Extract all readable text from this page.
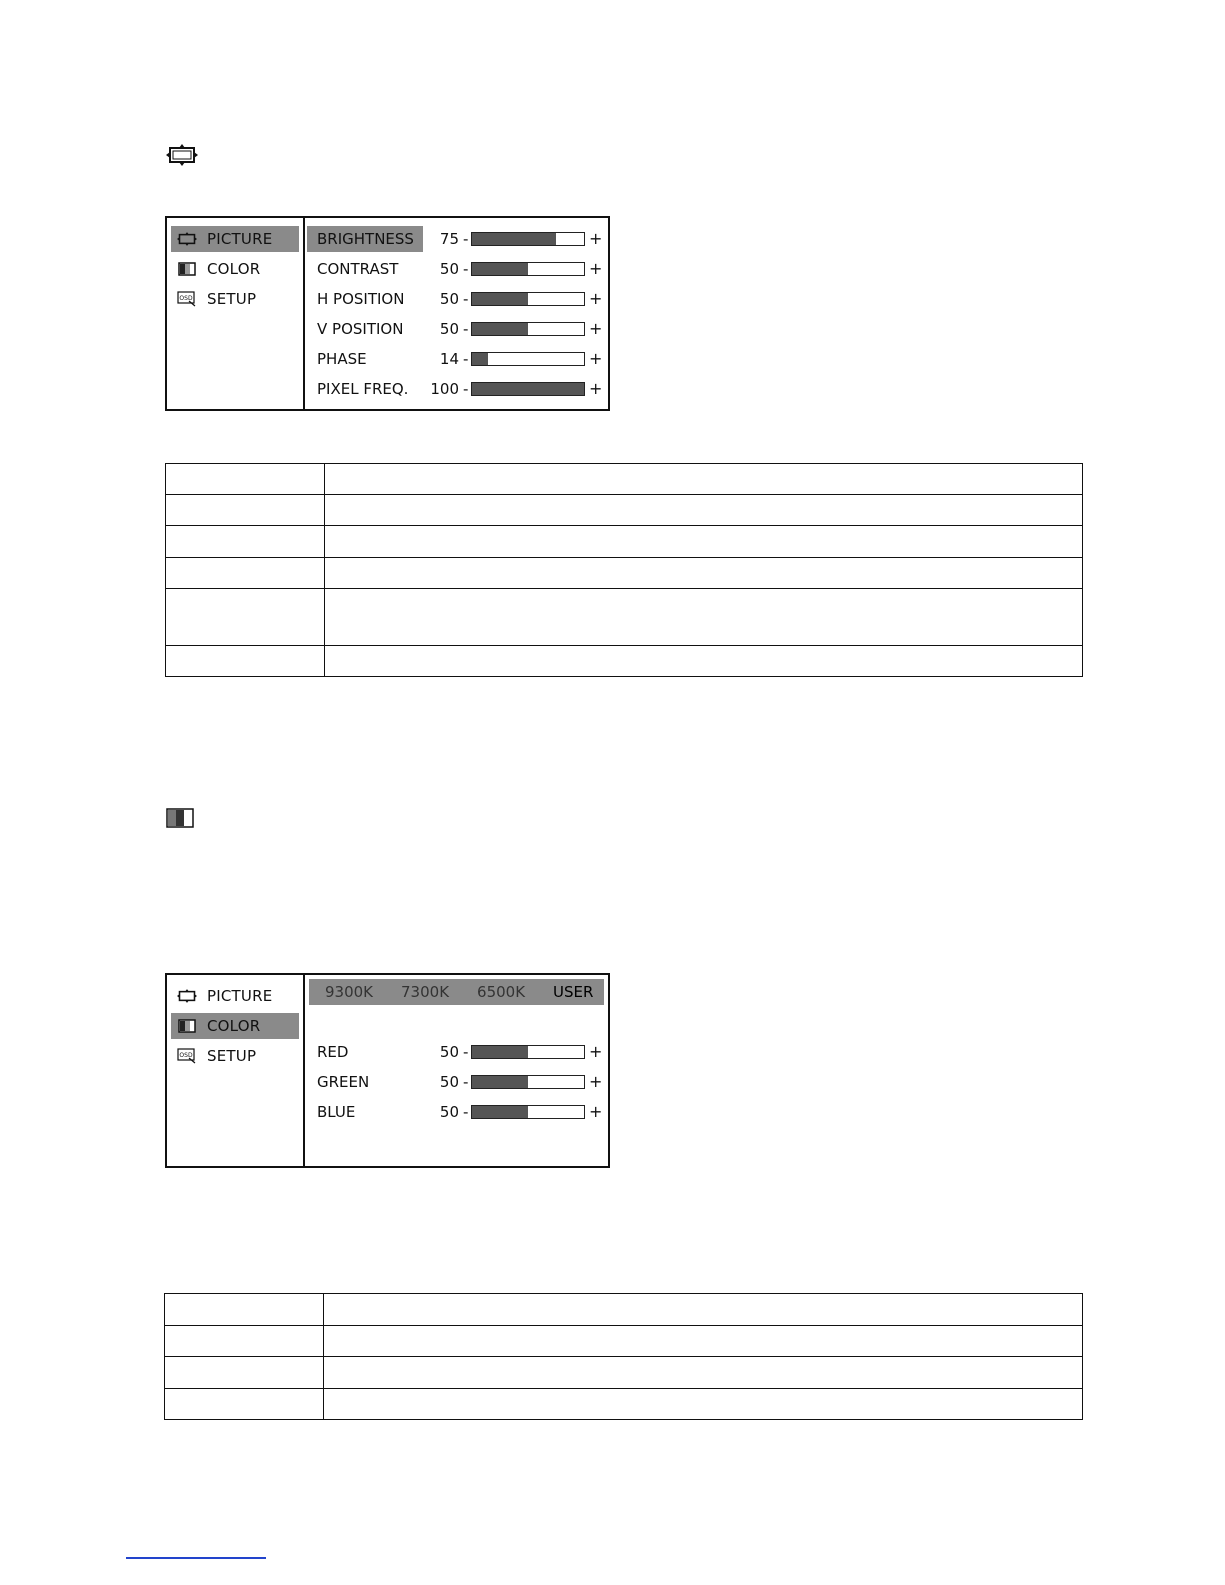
PICTURE
COLOR
OSD SETUP
BRIGHTNESS	75 -	+
CONTRAST	50 -	+
H POSITION	50 -	+
V POSITION	50 -	+
PHASE	14 -	+
PIXEL FREQ.	100 -	+

PICTURE
COLOR
OSD SETUP
9300K 7300K 6500K USER
RED	50 -	+
GREEN	50 -	+
BLUE	50 -	+
